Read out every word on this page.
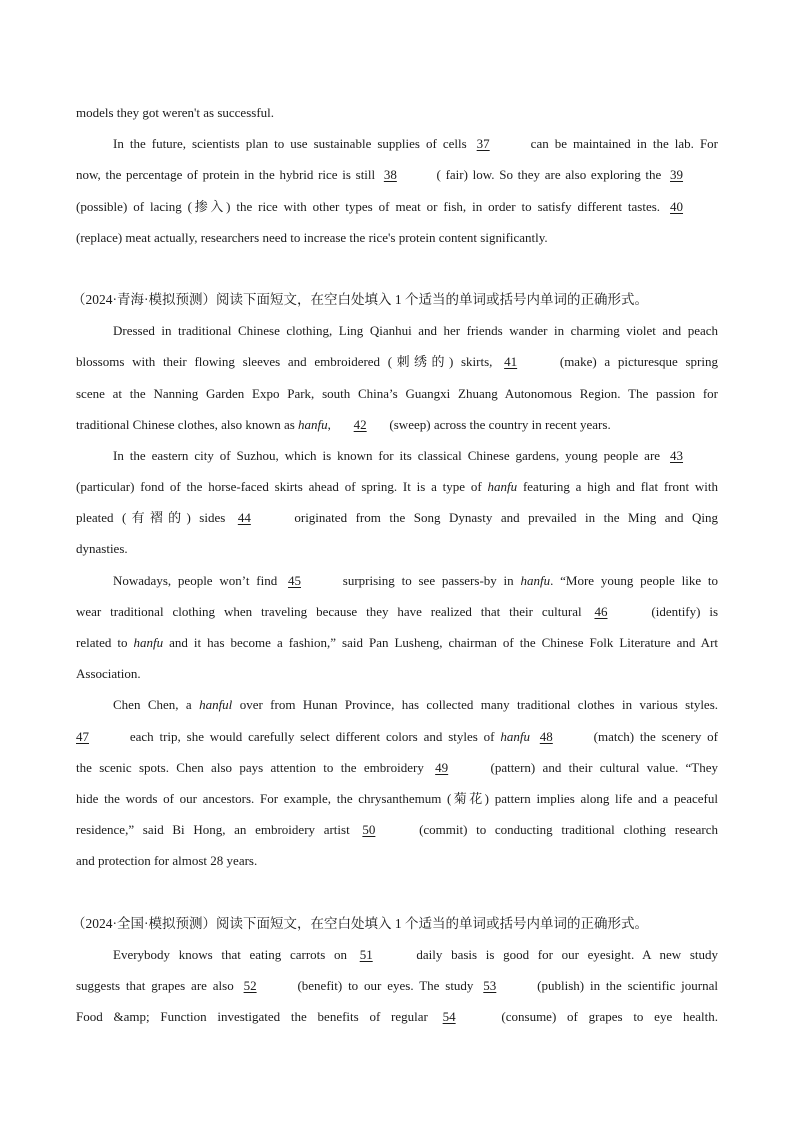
models they got weren't as successful.
In the future, scientists plan to use sustainable supplies of cells 37	can be maintained in the lab. For
now, the percentage of protein in the hybrid rice is still 38	( fair) low. So they are also exploring the 39
(possible) of lacing (掺入) the rice with other types of meat or fish, in order to satisfy different tastes. 40
(replace) meat actually, researchers need to increase the rice's protein content significantly.
（2024·青海·模拟预测）阅读下面短文，在空白处填入 1 个适当的单词或括号内单词的正确形式。
Dressed in traditional Chinese clothing, Ling Qianhui and her friends wander in charming violet and peach
blossoms with their flowing sleeves and embroidered (刺绣的) skirts, 41	(make) a picturesque spring
scene at the Nanning Garden Expo Park, south China’s Guangxi Zhuang Autonomous Region. The passion for
traditional Chinese clothes, also known as hanfu, 42 (sweep) across the country in recent years.
In the eastern city of Suzhou, which is known for its classical Chinese gardens, young people are 43
(particular) fond of the horse-faced skirts ahead of spring. It is a type of hanfu featuring a high and flat front with
pleated (有褶的) sides 44	originated from the Song Dynasty and prevailed in the Ming and Qing
dynasties.
Nowadays, people won’t find 45	surprising to see passers-by in hanfu. “More young people like to
wear traditional clothing when traveling because they have realized that their cultural 46	(identify) is
related to hanfu and it has become a fashion,” said Pan Lusheng, chairman of the Chinese Folk Literature and Art
Association.
Chen Chen, a hanful over from Hunan Province, has collected many traditional clothes in various styles.
47	each trip, she would carefully select different colors and styles of hanfu 48	(match) the scenery of
the scenic spots. Chen also pays attention to the embroidery 49	(pattern) and their cultural value. “They
hide the words of our ancestors. For example, the chrysanthemum (菊花) pattern implies along life and a peaceful
residence,” said Bi Hong, an embroidery artist 50	(commit) to conducting traditional clothing research
and protection for almost 28 years.
（2024·全国·模拟预测）阅读下面短文，在空白处填入 1 个适当的单词或括号内单词的正确形式。
Everybody knows that eating carrots on 51	daily basis is good for our eyesight. A new study
suggests that grapes are also 52	(benefit) to our eyes. The study 53	(publish) in the scientific journal
Food &amp; Function investigated the benefits of regular 54	(consume) of grapes to eye health.
